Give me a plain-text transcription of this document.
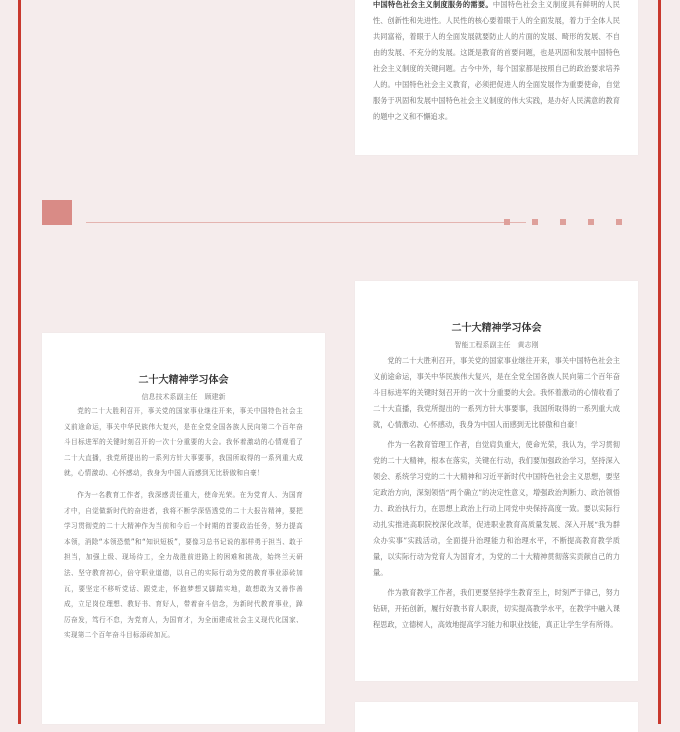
中国特色社会主义制度服务的需要。中国特色社会主义制度具有鲜明的人民性、创新性和先进性。人民性的核心要着眼于人的全面发展，着力于全体人民共同富裕，着眼于人的全面发展就要防止人的片面的发展、畸形的发展、不自由的发展、不充分的发展。这既是教育的首要问题，也是巩固和发展中国特色社会主义制度的关键问题。古今中外，每个国家都是按照自己的政治要求培养人的。中国特色社会主义教育，必须把促进人的全面发展作为重要使命，自觉服务于巩固和发展中国特色社会主义制度的伟大实践，是办好人民满意的教育的题中之义和不懈追求。

二十大精神学习体会
信息技术系副主任　顾建新

党的二十大胜利召开，事关党的国家事业继往开来，事关中国特色社会主义前途命运，事关中华民族伟大复兴，是在全党全国各族人民向第二个百年奋斗目标进军的关键时刻召开的一次十分重要的大会。我怀着激动的心情观看了二十大直播，我党所提出的一系列方针大事要事，我国所取得的一系列重大成就，心情激动、心怀感动，我身为中国人而感到无比骄傲和自豪！

作为一名教育工作者，我深感责任重大，使命光荣。在为党育人、为国育才中，自觉做新时代的奋进者，我将不断学深悟透党的二十大报告精神，要把学习贯彻党的二十大精神作为当前和今后一个时期的首要政治任务，努力提高本领，消除“本领恐慌”和“知识短板”，要像习总书记说的那样勇于担当、敢于担当，加强上级、现场待工，全力战胜前进路上的困难和挑战，始终兰天研法、坚守教育初心，倍守职业道德，以自己的实际行动为党的教育事业添砖加瓦，要坚定不移听党话、跟党走，怀抱梦想又脚踏实地，敢想敢为又善作善成，立足岗位理想、教好书、育好人，带着奋斗信念，为新时代教育事业，踔厉奋发，笃行不怠，为党育人，为国育才，为全面建成社会主义现代化国家、实现第二个百年奋斗目标添砖加瓦。

二十大精神学习体会
智能工程系副主任　黄志刚

党的二十大胜利召开，事关党的国家事业继往开来，事关中国特色社会主义前途命运，事关中华民族伟大复兴，是在全党全国各族人民向第二个百年奋斗目标进军的关键时刻召开的一次十分重要的大会。我怀着激动的心情收看了二十大直播，我党所提出的一系列方针大事要事，我国所取得的一系列重大成就，心情激动、心怀感动，我身为中国人而感到无比骄傲和自豪！

作为一名教育管理工作者，自觉肩负重大，使命光荣，我认为，学习贯彻党的二十大精神，根本在落实，关键在行动，我们要加强政治学习，坚持深入领会、系统学习党的二十大精神和习近平新时代中国特色社会主义思想，要坚定政治方向，深刻领悟“两个确立”的决定性意义，增强政治判断力、政治领悟力、政治执行力，在思想上政治上行动上同党中央保持高度一致。要以实际行动扎实推进高职院校深化改革，促进职业教育高质量发展、深入开展“我为群众办实事”实践活动，全面提升治理能力和治理水平，不断提高教育教学质量，以实际行动为党育人为国育才，为党的二十大精神贯彻落实贡献自己的力量。

作为教育教学工作者，我们更要坚持学生教育至上，时刻严于律己，努力钻研，开拓创新，履行好教书育人职责，切实提高教学水平，在教学中融入课程思政，立德树人，高效地提高学习能力和职业技能，真正让学生学有所得。
